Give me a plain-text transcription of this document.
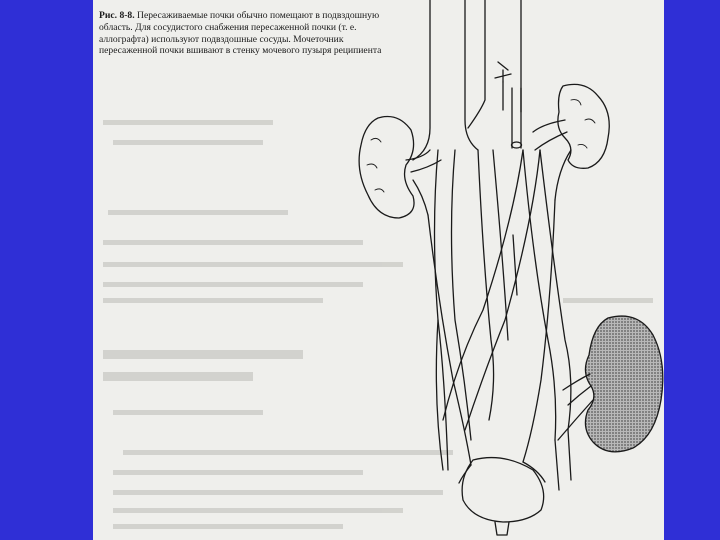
Рис. 8-8. Пересаживаемые почки обычно помещают в подвздошную область. Для сосудистого снабжения пересаженной почки (т. е. аллографта) используют подвздошные сосуды. Мочеточник пересаженной почки вшивают в стенку мочевого пузыря реципиента
